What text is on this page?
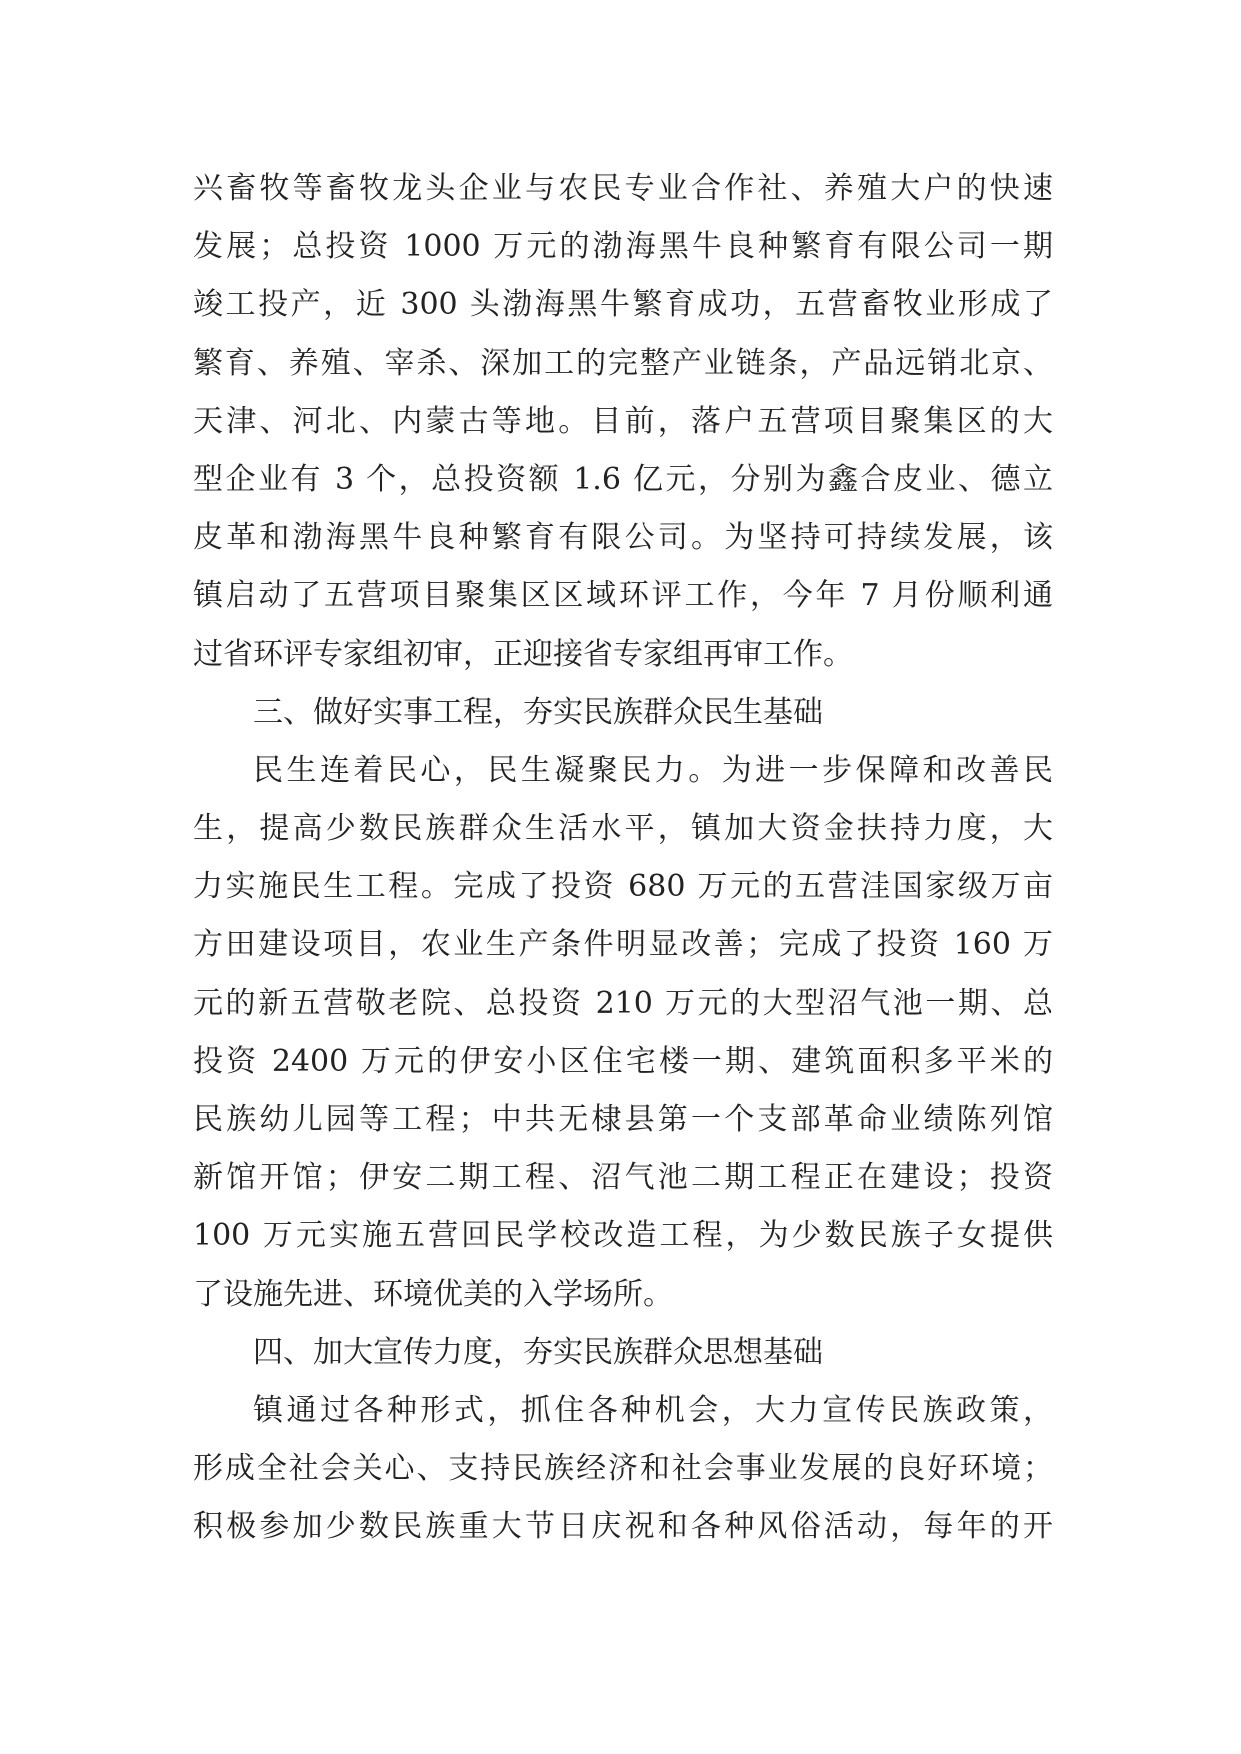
兴畜牧等畜牧龙头企业与农民专业合作社、养殖大户的快速
发展；总投资 1000 万元的渤海黑牛良种繁育有限公司一期
竣工投产，近 300 头渤海黑牛繁育成功，五营畜牧业形成了
繁育、养殖、宰杀、深加工的完整产业链条，产品远销北京、
天津、河北、内蒙古等地。目前，落户五营项目聚集区的大
型企业有 3 个，总投资额 1.6 亿元，分别为鑫合皮业、德立
皮革和渤海黑牛良种繁育有限公司。为坚持可持续发展，该
镇启动了五营项目聚集区区域环评工作，今年 7 月份顺利通
过省环评专家组初审，正迎接省专家组再审工作。
三、做好实事工程，夯实民族群众民生基础
民生连着民心，民生凝聚民力。为进一步保障和改善民
生，提高少数民族群众生活水平，镇加大资金扶持力度，大
力实施民生工程。完成了投资 680 万元的五营洼国家级万亩
方田建设项目，农业生产条件明显改善；完成了投资 160 万
元的新五营敬老院、总投资 210 万元的大型沼气池一期、总
投资 2400 万元的伊安小区住宅楼一期、建筑面积多平米的
民族幼儿园等工程；中共无棣县第一个支部革命业绩陈列馆
新馆开馆；伊安二期工程、沼气池二期工程正在建设；投资
100 万元实施五营回民学校改造工程，为少数民族子女提供
了设施先进、环境优美的入学场所。
四、加大宣传力度，夯实民族群众思想基础
镇通过各种形式，抓住各种机会，大力宣传民族政策，
形成全社会关心、支持民族经济和社会事业发展的良好环境；
积极参加少数民族重大节日庆祝和各种风俗活动，每年的开
